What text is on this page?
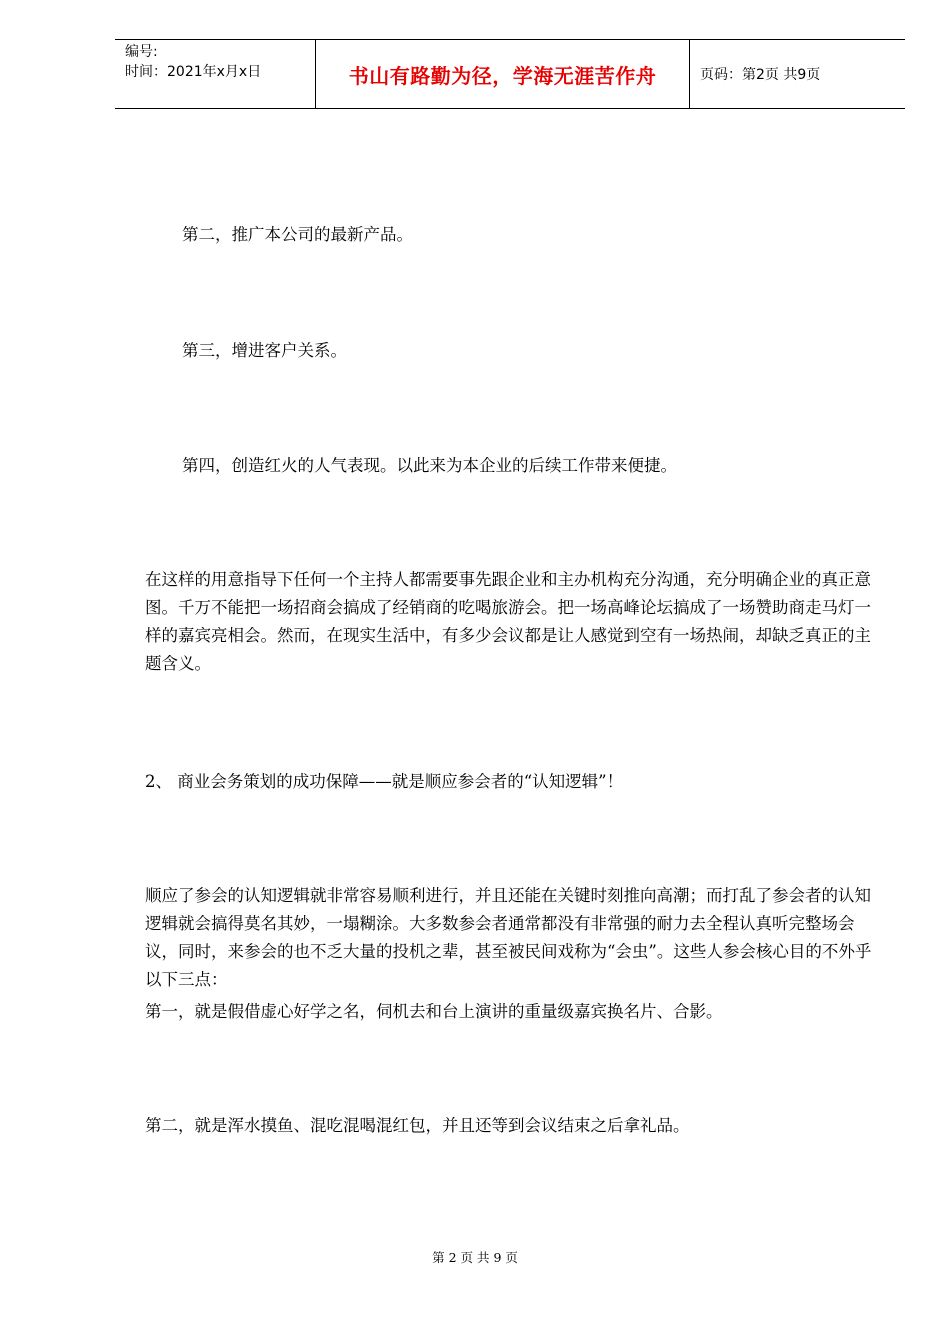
编号:
时间：2021年x月x日	书山有路勤为径，学海无涯苦作舟	页码：第2页 共9页

第二，推广本公司的最新产品。

第三，增进客户关系。

第四，创造红火的人气表现。以此来为本企业的后续工作带来便捷。

在这样的用意指导下任何一个主持人都需要事先跟企业和主办机构充分沟通，充分明确企业的真正意图。千万不能把一场招商会搞成了经销商的吃喝旅游会。把一场高峰论坛搞成了一场赞助商走马灯一样的嘉宾亮相会。然而，在现实生活中，有多少会议都是让人感觉到空有一场热闹，却缺乏真正的主题含义。

2、 商业会务策划的成功保障——就是顺应参会者的“认知逻辑”！

顺应了参会的认知逻辑就非常容易顺利进行，并且还能在关键时刻推向高潮；而打乱了参会者的认知逻辑就会搞得莫名其妙，一塌糊涂。大多数参会者通常都没有非常强的耐力去全程认真听完整场会议，同时，来参会的也不乏大量的投机之辈，甚至被民间戏称为“会虫”。这些人参会核心目的不外乎以下三点：

第一，就是假借虚心好学之名，伺机去和台上演讲的重量级嘉宾换名片、合影。

第二，就是浑水摸鱼、混吃混喝混红包，并且还等到会议结束之后拿礼品。

第 2 页 共 9 页
